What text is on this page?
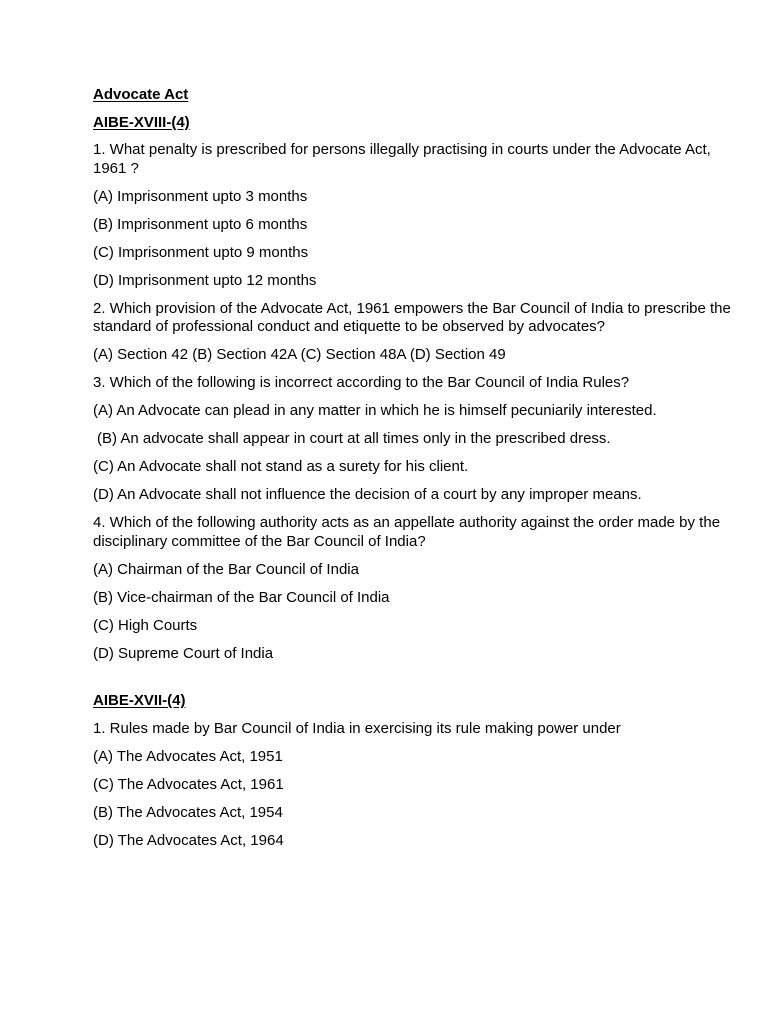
Advocate Act
AIBE-XVIII-(4)
1. What penalty is prescribed for persons illegally practising in courts under the Advocate Act, 1961 ?
(A) Imprisonment upto 3 months
(B) Imprisonment upto 6 months
(C) Imprisonment upto 9 months
(D) Imprisonment upto 12 months
2. Which provision of the Advocate Act, 1961 empowers the Bar Council of India to prescribe the standard of professional conduct and etiquette to be observed by advocates?
(A) Section 42 (B) Section 42A (C) Section 48A (D) Section 49
3. Which of the following is incorrect according to the Bar Council of India Rules?
(A) An Advocate can plead in any matter in which he is himself pecuniarily interested.
(B) An advocate shall appear in court at all times only in the prescribed dress.
(C) An Advocate shall not stand as a surety for his client.
(D) An Advocate shall not influence the decision of a court by any improper means.
4. Which of the following authority acts as an appellate authority against the order made by the disciplinary committee of the Bar Council of India?
(A) Chairman of the Bar Council of India
(B) Vice-chairman of the Bar Council of India
(C) High Courts
(D) Supreme Court of India
AIBE-XVII-(4)
1. Rules made by Bar Council of India in exercising its rule making power under
(A) The Advocates Act, 1951
(C) The Advocates Act, 1961
(B) The Advocates Act, 1954
(D) The Advocates Act, 1964
